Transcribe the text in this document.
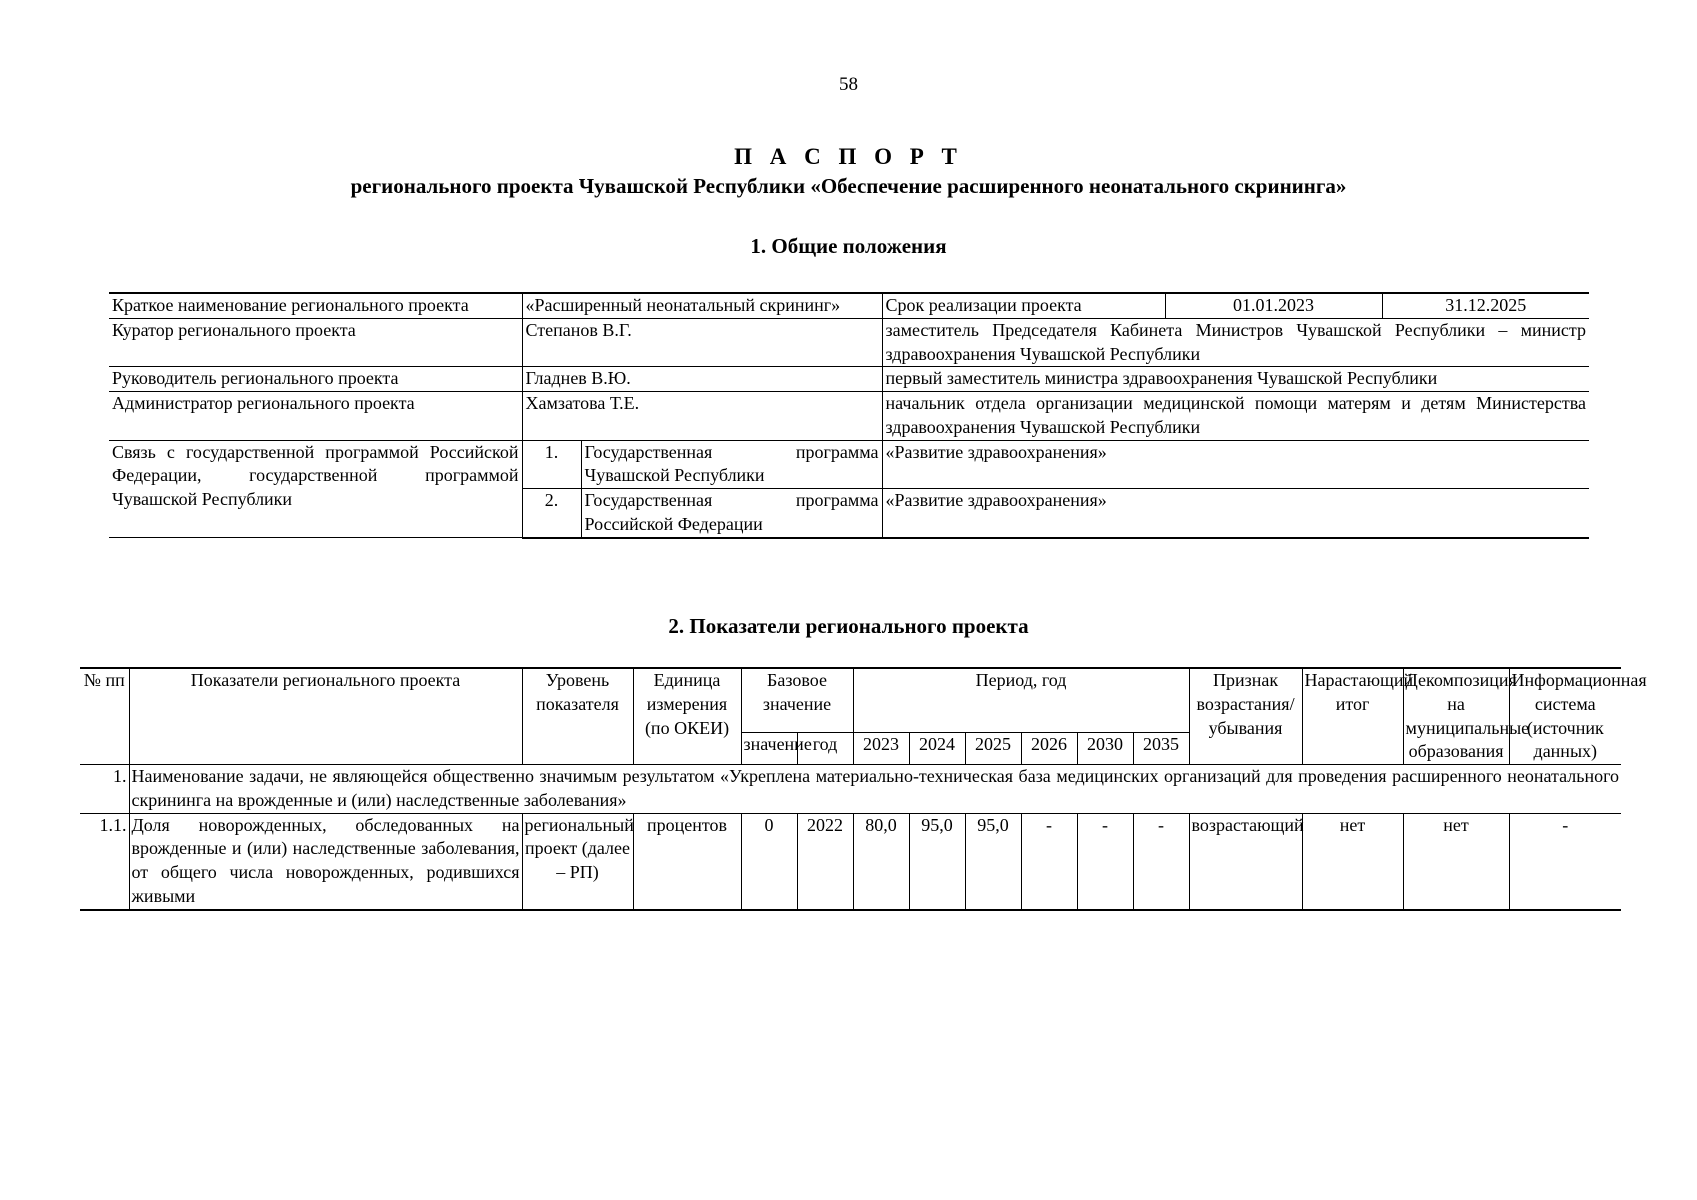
58
П А С П О Р Т
регионального проекта Чувашской Республики «Обеспечение расширенного неонатального скрининга»
1. Общие положения
Краткое наименование регионального проекта	«Расширенный неонатальный скрининг»		Срок реализации проекта	01.01.2023	31.12.2025
Куратор регионального проекта	Степанов В.Г.		заместитель Председателя Кабинета Министров Чувашской Республики – министр здравоохранения Чувашской Республики		
Руководитель регионального проекта	Гладнев В.Ю.		первый заместитель министра здравоохранения Чувашской Республики		
Администратор регионального проекта	Хамзатова Т.Е.		начальник отдела организации медицинской помощи матерям и детям Министерства здравоохранения Чувашской Республики		
Связь с государственной программой Российской Федерации, государственной программой Чувашской Республики	1.	Государственная программа Чувашской Республики	«Развитие здравоохранения»		
	2.	Государственная программа Российской Федерации	«Развитие здравоохранения»		
2. Показатели регионального проекта
№ пп	Показатели регионального проекта	Уровень показателя	Единица измерения (по ОКЕИ)	Базовое значение		Период, год						Признак возрастания/ убывания	Нарастающий итог	Декомпозиция на муниципальные образования	Информационная система (источник данных)
				значение	год	2023	2024	2025	2026	2030	2035				
1.	Наименование задачи, не являющейся общественно значимым результатом «Укреплена материально-техническая база медицинских организаций для проведения расширенного неонатального скрининга на врожденные и (или) наследственные заболевания»														
1.1.	Доля новорожденных, обследованных на врожденные и (или) наследственные заболевания, от общего числа новорожденных, родившихся живыми	региональный проект (далее – РП)	процентов	0	2022	80,0	95,0	95,0	-	-	-	возрастающий	нет	нет	-
